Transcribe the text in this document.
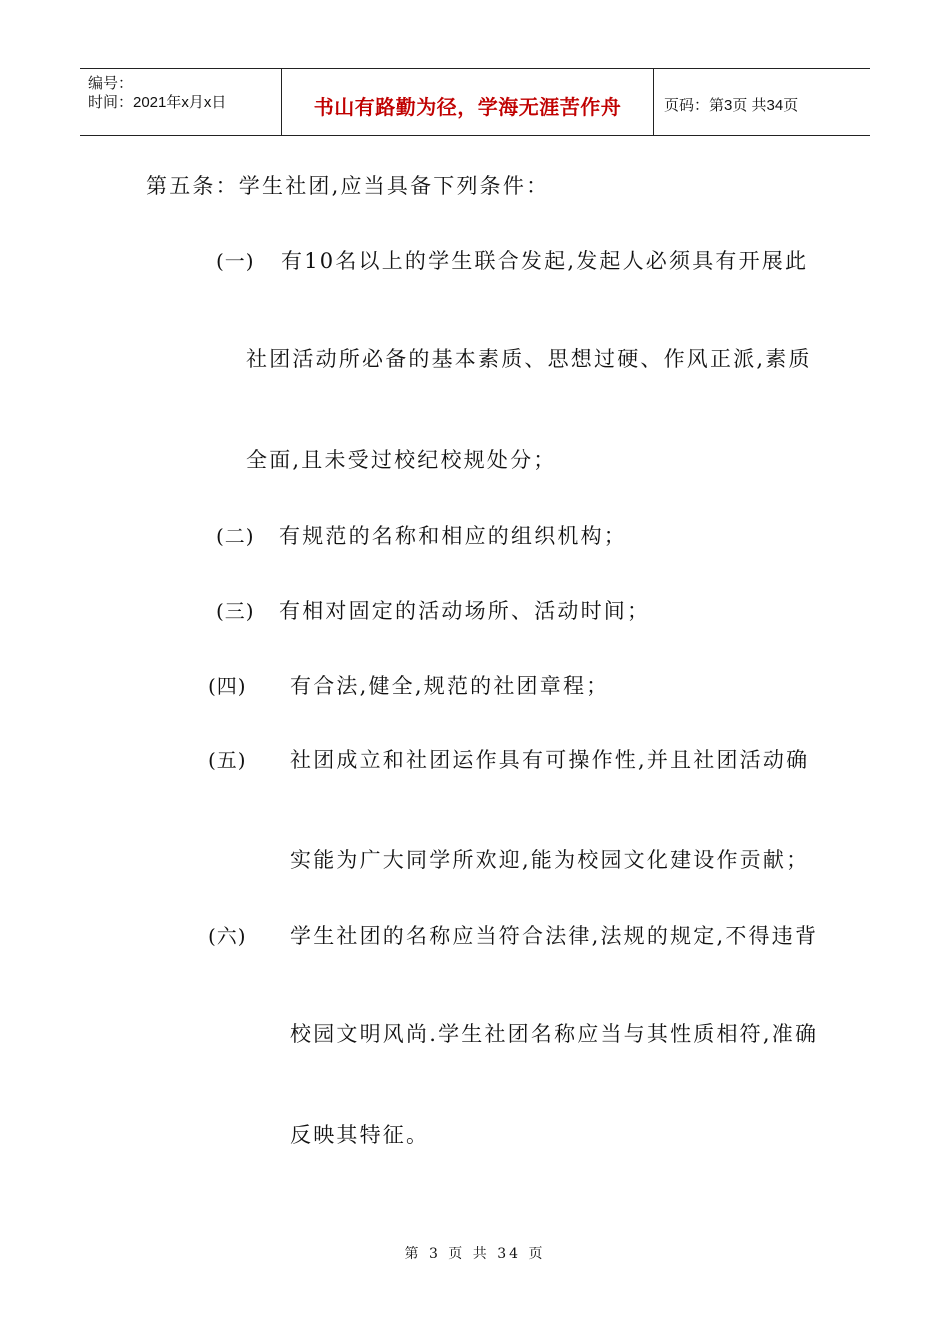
编号：
时间：2021年x月x日	书山有路勤为径，学海无涯苦作舟	页码：第3页 共34页
第五条：学生社团,应当具备下列条件：
(一) 有10名以上的学生联合发起,发起人必须具有开展此
社团活动所必备的基本素质、思想过硬、作风正派,素质
全面,且未受过校纪校规处分；
(二) 有规范的名称和相应的组织机构；
(三) 有相对固定的活动场所、活动时间；
(四) 有合法,健全,规范的社团章程；
(五) 社团成立和社团运作具有可操作性,并且社团活动确
实能为广大同学所欢迎,能为校园文化建设作贡献；
(六) 学生社团的名称应当符合法律,法规的规定,不得违背
校园文明风尚.学生社团名称应当与其性质相符,准确
反映其特征。
第 3 页 共 34 页
